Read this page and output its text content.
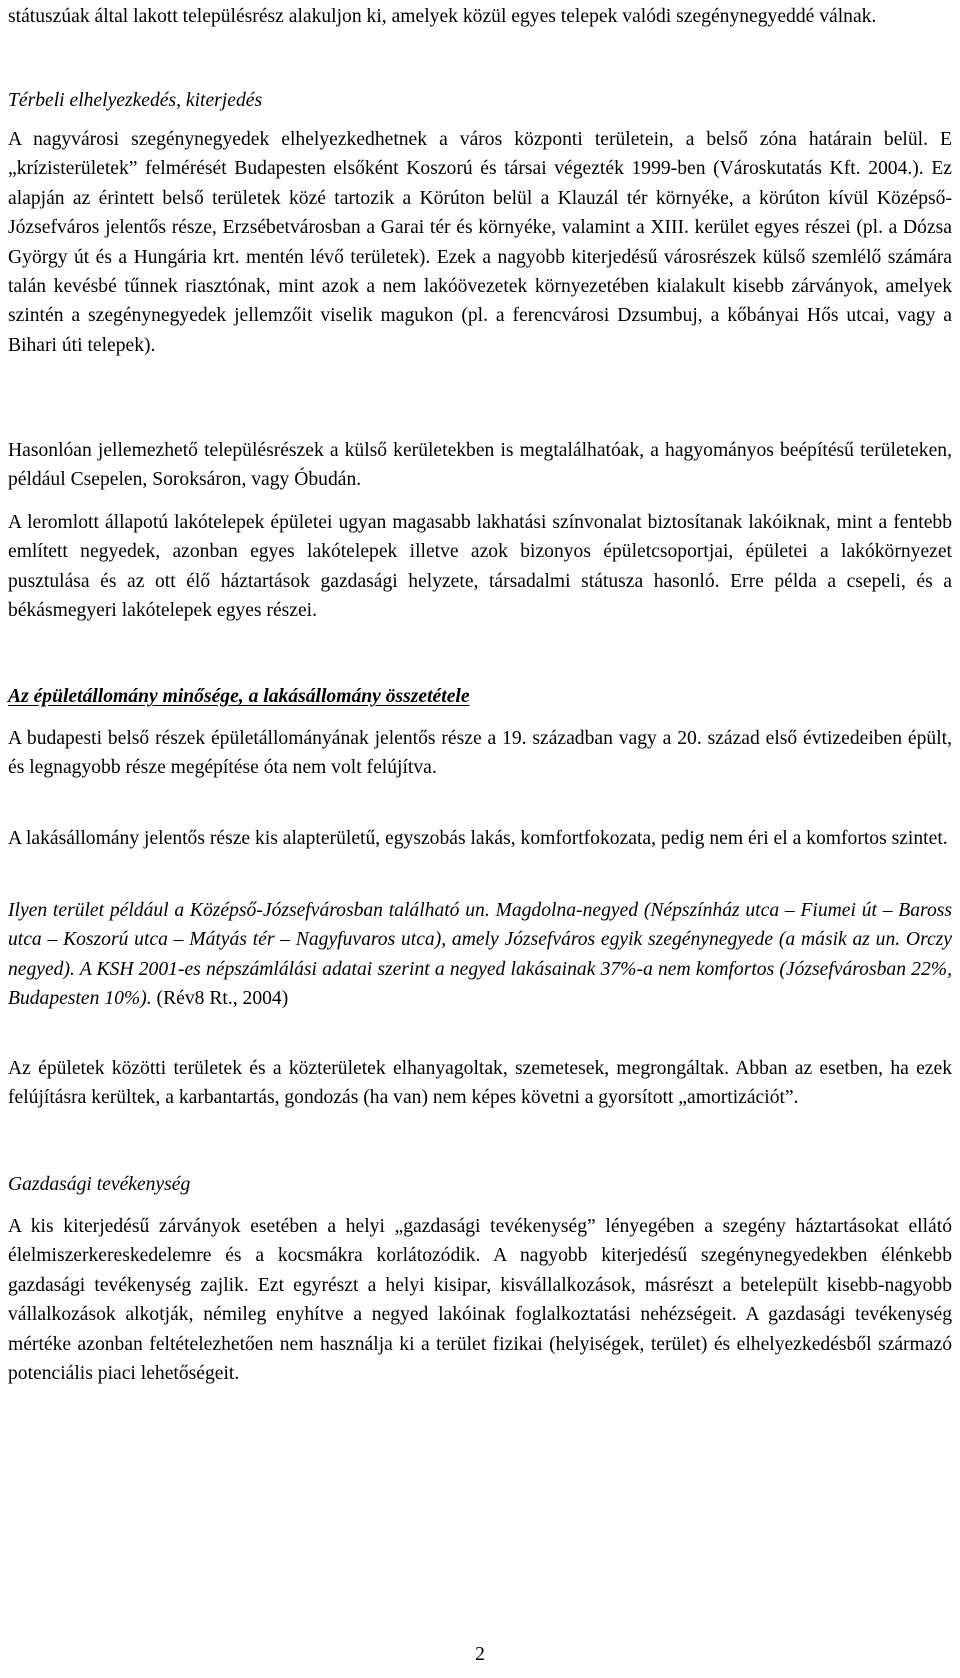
státuszúak által lakott településrész alakuljon ki, amelyek közül egyes telepek valódi szegénynegyeddé válnak.

Térbeli elhelyezkedés, kiterjedés

A nagyvárosi szegénynegyedek elhelyezkedhetnek a város központi területein, a belső zóna határain belül. E „krízisterületek” felmérését Budapesten elsőként Koszorú és társai végezték 1999-ben (Városkutatás Kft. 2004.). Ez alapján az érintett belső területek közé tartozik a Körúton belül a Klauzál tér környéke, a körúton kívül Középső-Józsefváros jelentős része, Erzsébetvárosban a Garai tér és környéke, valamint a XIII. kerület egyes részei (pl. a Dózsa György út és a Hungária krt. mentén lévő területek). Ezek a nagyobb kiterjedésű városrészek külső szemlélő számára talán kevésbé tűnnek riasztónak, mint azok a nem lakóövezetek környezetében kialakult kisebb zárványok, amelyek szintén a szegénynegyedek jellemzőit viselik magukon (pl. a ferencvárosi Dzsumbuj, a kőbányai Hős utcai, vagy a Bihari úti telepek).

Hasonlóan jellemezhető településrészek a külső kerületekben is megtalálhatóak, a hagyományos beépítésű területeken, például Csepelen, Soroksáron, vagy Óbudán.

A leromlott állapotú lakótelepek épületei ugyan magasabb lakhatási színvonalat biztosítanak lakóiknak, mint a fentebb említett negyedek, azonban egyes lakótelepek illetve azok bizonyos épületcsoportjai, épületei a lakókörnyezet pusztulása és az ott élő háztartások gazdasági helyzete, társadalmi státusza hasonló. Erre példa a csepeli, és a békásmegyeri lakótelepek egyes részei.

Az épületállomány minősége, a lakásállomány összetétele

A budapesti belső részek épületállományának jelentős része a 19. században vagy a 20. század első évtizedeiben épült, és legnagyobb része megépítése óta nem volt felújítva.

A lakásállomány jelentős része kis alapterületű, egyszobás lakás, komfortfokozata, pedig nem éri el a komfortos szintet.

Ilyen terület például a Középső-Józsefvárosban található un. Magdolna-negyed (Népszínház utca – Fiumei út – Baross utca – Koszorú utca – Mátyás tér – Nagyfuvaros utca), amely Józsefváros egyik szegénynegyede (a másik az un. Orczy negyed). A KSH 2001-es népszámlálási adatai szerint a negyed lakásainak 37%-a nem komfortos (Józsefvárosban 22%, Budapesten 10%). (Rév8 Rt., 2004)

Az épületek közötti területek és a közterületek elhanyagoltak, szemetesek, megrongáltak. Abban az esetben, ha ezek felújításra kerültek, a karbantartás, gondozás (ha van) nem képes követni a gyorsított „amortizációt”.

Gazdasági tevékenység

A kis kiterjedésű zárványok esetében a helyi „gazdasági tevékenység” lényegében a szegény háztartásokat ellátó élelmiszerkereskedelemre és a kocsmákra korlátozódik. A nagyobb kiterjedésű szegénynegyedekben élénkebb gazdasági tevékenység zajlik. Ezt egyrészt a helyi kisipar, kisvállalkozások, másrészt a betelepült kisebb-nagyobb vállalkozások alkotják, némileg enyhítve a negyed lakóinak foglalkoztatási nehézségeit. A gazdasági tevékenység mértéke azonban feltételezhetően nem használja ki a terület fizikai (helyiségek, terület) és elhelyezkedésből származó potenciális piaci lehetőségeit.

2
